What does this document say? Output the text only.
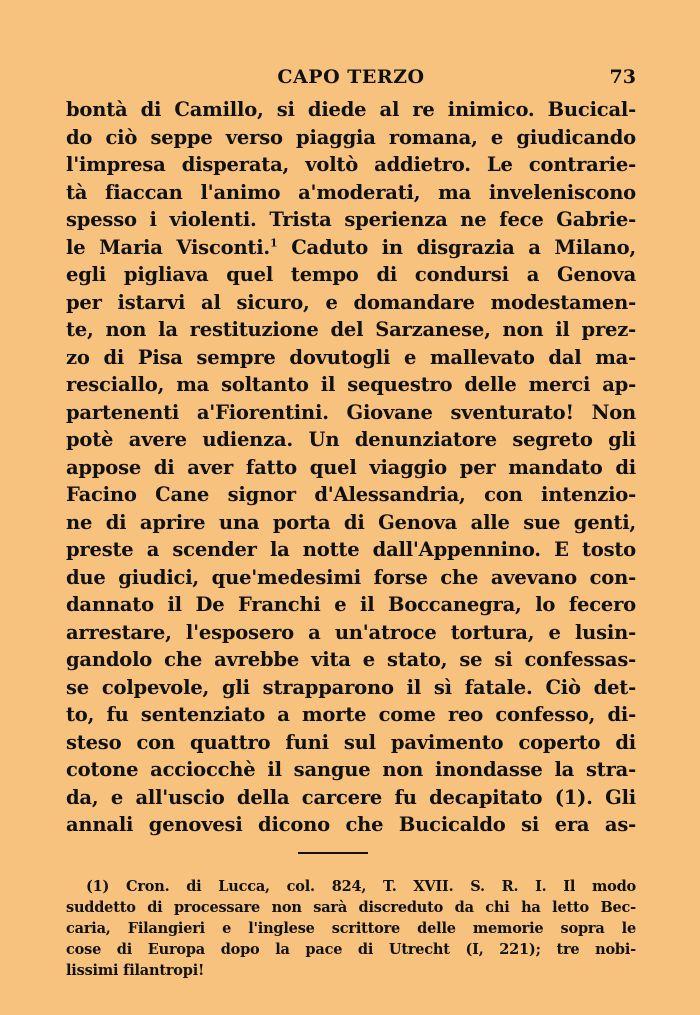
CAPO TERZO	73
bontà di Camillo, si diede al re inimico. Bucical-
do ciò seppe verso piaggia romana, e giudicando
l'impresa disperata, voltò addietro. Le contrarie-
tà fiaccan l'animo a'moderati, ma inveleniscono
spesso i violenti. Trista sperienza ne fece Gabrie-
le Maria Visconti.$^1$ Caduto in disgrazia a Milano,
egli pigliava quel tempo di condursi a Genova
per istarvi al sicuro, e domandare modestamen-
te, non la restituzione del Sarzanese, non il prez-
zo di Pisa sempre dovutogli e mallevato dal ma-
resciallo, ma soltanto il sequestro delle merci ap-
partenenti a'Fiorentini. Giovane sventurato! Non
potè avere udienza. Un denunziatore segreto gli
appose di aver fatto quel viaggio per mandato di
Facino Cane signor d'Alessandria, con intenzio-
ne di aprire una porta di Genova alle sue genti,
preste a scender la notte dall'Appennino. E tosto
due giudici, que'medesimi forse che avevano con-
dannato il De Franchi e il Boccanegra, lo fecero
arrestare, l'esposero a un'atroce tortura, e lusin-
gandolo che avrebbe vita e stato, se si confessas-
se colpevole, gli strapparono il sì fatale. Ciò det-
to, fu sentenziato a morte come reo confesso, di-
steso con quattro funi sul pavimento coperto di
cotone acciocchè il sangue non inondasse la stra-
da, e all'uscio della carcere fu decapitato (1). Gli
annali genovesi dicono che Bucicaldo si era as-
(1) Cron. di Lucca, col. 824, T. XVII. S. R. I. Il modo
suddetto di processare non sarà discreduto da chi ha letto Bec-
caria, Filangieri e l'inglese scrittore delle memorie sopra le
cose di Europa dopo la pace di Utrecht (I, 221); tre nobi-
lissimi filantropi!
